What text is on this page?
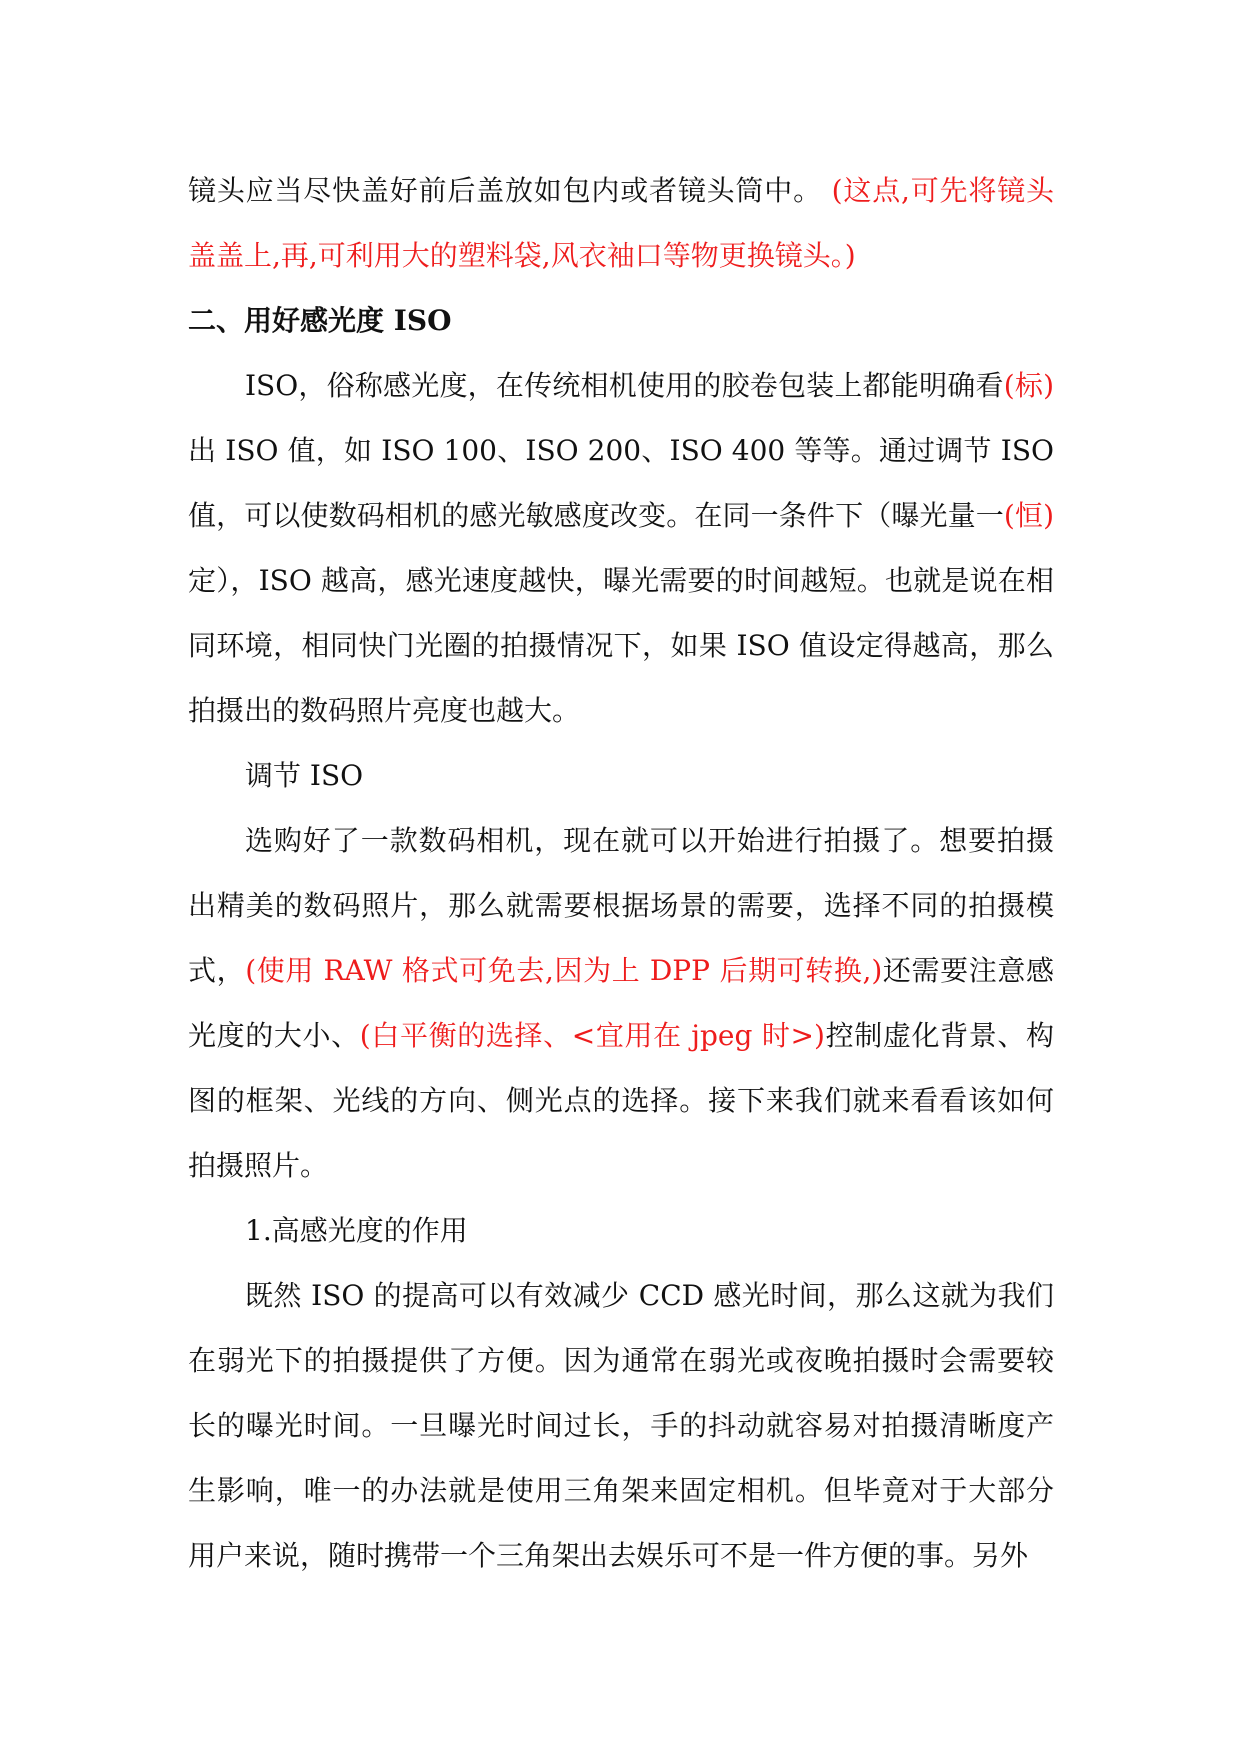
镜头应当尽快盖好前后盖放如包内或者镜头筒中。 (这点,可先将镜头盖盖上,再,可利用大的塑料袋,风衣袖口等物更换镜头。)

二、用好感光度 ISO

ISO，俗称感光度，在传统相机使用的胶卷包装上都能明确看(标)出 ISO 值，如 ISO 100、ISO 200、ISO 400 等等。通过调节 ISO 值，可以使数码相机的感光敏感度改变。在同一条件下（曝光量一(恒)定），ISO 越高，感光速度越快，曝光需要的时间越短。也就是说在相同环境，相同快门光圈的拍摄情况下，如果 ISO 值设定得越高，那么拍摄出的数码照片亮度也越大。

调节 ISO

选购好了一款数码相机，现在就可以开始进行拍摄了。想要拍摄出精美的数码照片，那么就需要根据场景的需要，选择不同的拍摄模式，(使用 RAW 格式可免去,因为上 DPP 后期可转换,)还需要注意感光度的大小、(白平衡的选择、<宜用在 jpeg 时>)控制虚化背景、构图的框架、光线的方向、侧光点的选择。接下来我们就来看看该如何拍摄照片。

1.高感光度的作用

既然 ISO 的提高可以有效减少 CCD 感光时间，那么这就为我们在弱光下的拍摄提供了方便。因为通常在弱光或夜晚拍摄时会需要较长的曝光时间。一旦曝光时间过长，手的抖动就容易对拍摄清晰度产生影响，唯一的办法就是使用三角架来固定相机。但毕竟对于大部分用户来说，随时携带一个三角架出去娱乐可不是一件方便的事。另外
